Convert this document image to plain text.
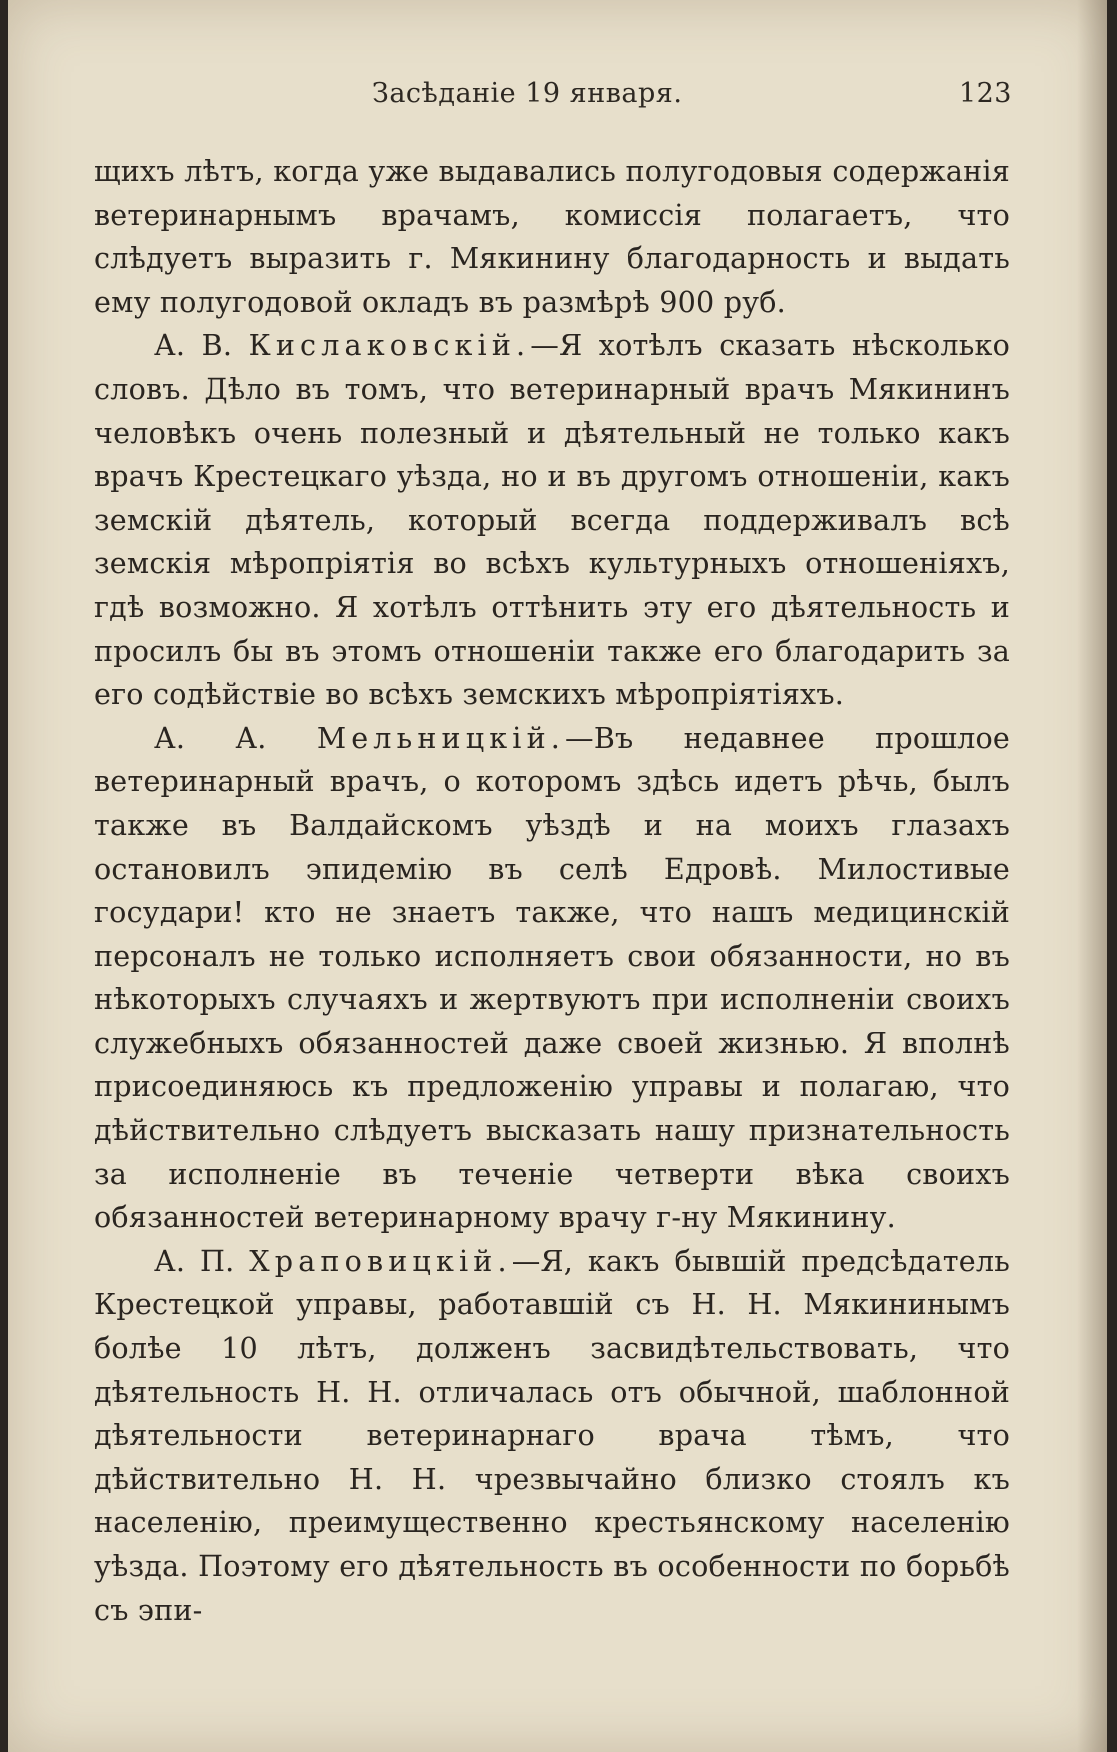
Засѣданіе 19 января.	123

щихъ лѣтъ, когда уже выдавались полугодовыя содержанія ветеринарнымъ врачамъ, комиссія полагаетъ, что слѣдуетъ выразить г. Мякинину благодарность и выдать ему полугодовой окладъ въ размѣрѣ 900 руб.

А. В. Кислаковскій.—Я хотѣлъ сказать нѣсколько словъ. Дѣло въ томъ, что ветеринарный врачъ Мякининъ человѣкъ очень полезный и дѣятельный не только какъ врачъ Крестецкаго уѣзда, но и въ другомъ отношеніи, какъ земскій дѣятель, который всегда поддерживалъ всѣ земскія мѣропріятія во всѣхъ культурныхъ отношеніяхъ, гдѣ возможно. Я хотѣлъ оттѣнить эту его дѣятельность и просилъ бы въ этомъ отношеніи также его благодарить за его содѣйствіе во всѣхъ земскихъ мѣропріятіяхъ.

А. А. Мельницкій.—Въ недавнее прошлое ветеринарный врачъ, о которомъ здѣсь идетъ рѣчь, былъ также въ Валдайскомъ уѣздѣ и на моихъ глазахъ остановилъ эпидемію въ селѣ Едровѣ. Милостивые государи! кто не знаетъ также, что нашъ медицинскій персоналъ не только исполняетъ свои обязанности, но въ нѣкоторыхъ случаяхъ и жертвуютъ при исполненіи своихъ служебныхъ обязанностей даже своей жизнью. Я вполнѣ присоединяюсь къ предложенію управы и полагаю, что дѣйствительно слѣдуетъ высказать нашу признательность за исполненіе въ теченіе четверти вѣка своихъ обязанностей ветеринарному врачу г-ну Мякинину.

А. П. Храповицкій.—Я, какъ бывшій предсѣдатель Крестецкой управы, работавшій съ Н. Н. Мякининымъ болѣе 10 лѣтъ, долженъ засвидѣтельствовать, что дѣятельность Н. Н. отличалась отъ обычной, шаблонной дѣятельности ветеринарнаго врача тѣмъ, что дѣйствительно Н. Н. чрезвычайно близко стоялъ къ населенію, преимущественно крестьянскому населенію уѣзда. Поэтому его дѣятельность въ особенности по борьбѣ съ эпи-
